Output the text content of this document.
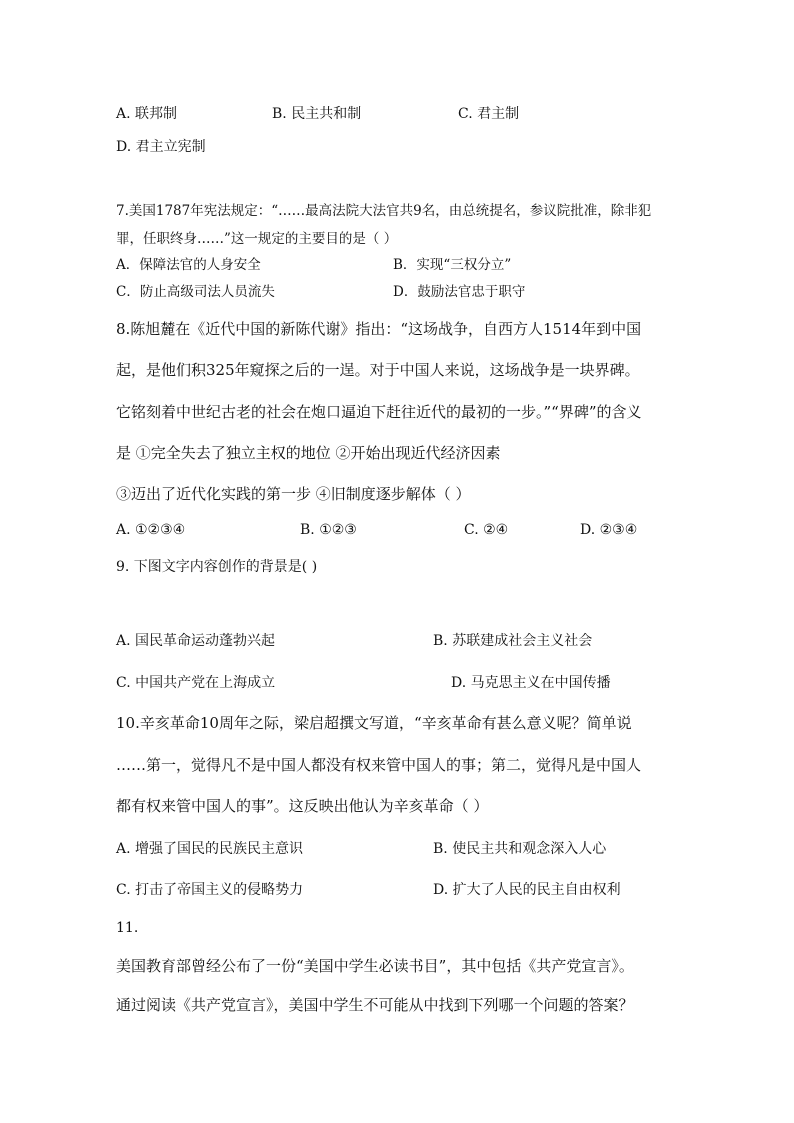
A. 联邦制	B. 民主共和制	C. 君主制
D. 君主立宪制
7.美国1787年宪法规定：“……最高法院大法官共9名，由总统提名，参议院批准，除非犯
罪，任职终身……”这一规定的主要目的是（ ）
A．保障法官的人身安全	B．实现“三权分立”
C．防止高级司法人员流失	D．鼓励法官忠于职守
8.陈旭麓在《近代中国的新陈代谢》指出：“这场战争，自西方人1514年到中国
起，是他们积325年窥探之后的一逞。对于中国人来说，这场战争是一块界碑。
它铭刻着中世纪古老的社会在炮口逼迫下赶往近代的最初的一步。”“界碑”的含义
是 ①完全失去了独立主权的地位 ②开始出现近代经济因素
③迈出了近代化实践的第一步 ④旧制度逐步解体（ ）
A. ①②③④	B. ①②③	C. ②④	D. ②③④
9. 下图文字内容创作的背景是( )
A. 国民革命运动蓬勃兴起	B. 苏联建成社会主义社会
C. 中国共产党在上海成立	D. 马克思主义在中国传播
10.辛亥革命10周年之际，梁启超撰文写道，“辛亥革命有甚么意义呢？简单说
……第一，觉得凡不是中国人都没有权来管中国人的事；第二，觉得凡是中国人
都有权来管中国人的事”。这反映出他认为辛亥革命（ ）
A. 增强了国民的民族民主意识	B. 使民主共和观念深入人心
C. 打击了帝国主义的侵略势力	D. 扩大了人民的民主自由权利
11.
美国教育部曾经公布了一份“美国中学生必读书目”，其中包括《共产党宣言》。
通过阅读《共产党宣言》，美国中学生不可能从中找到下列哪一个问题的答案？
